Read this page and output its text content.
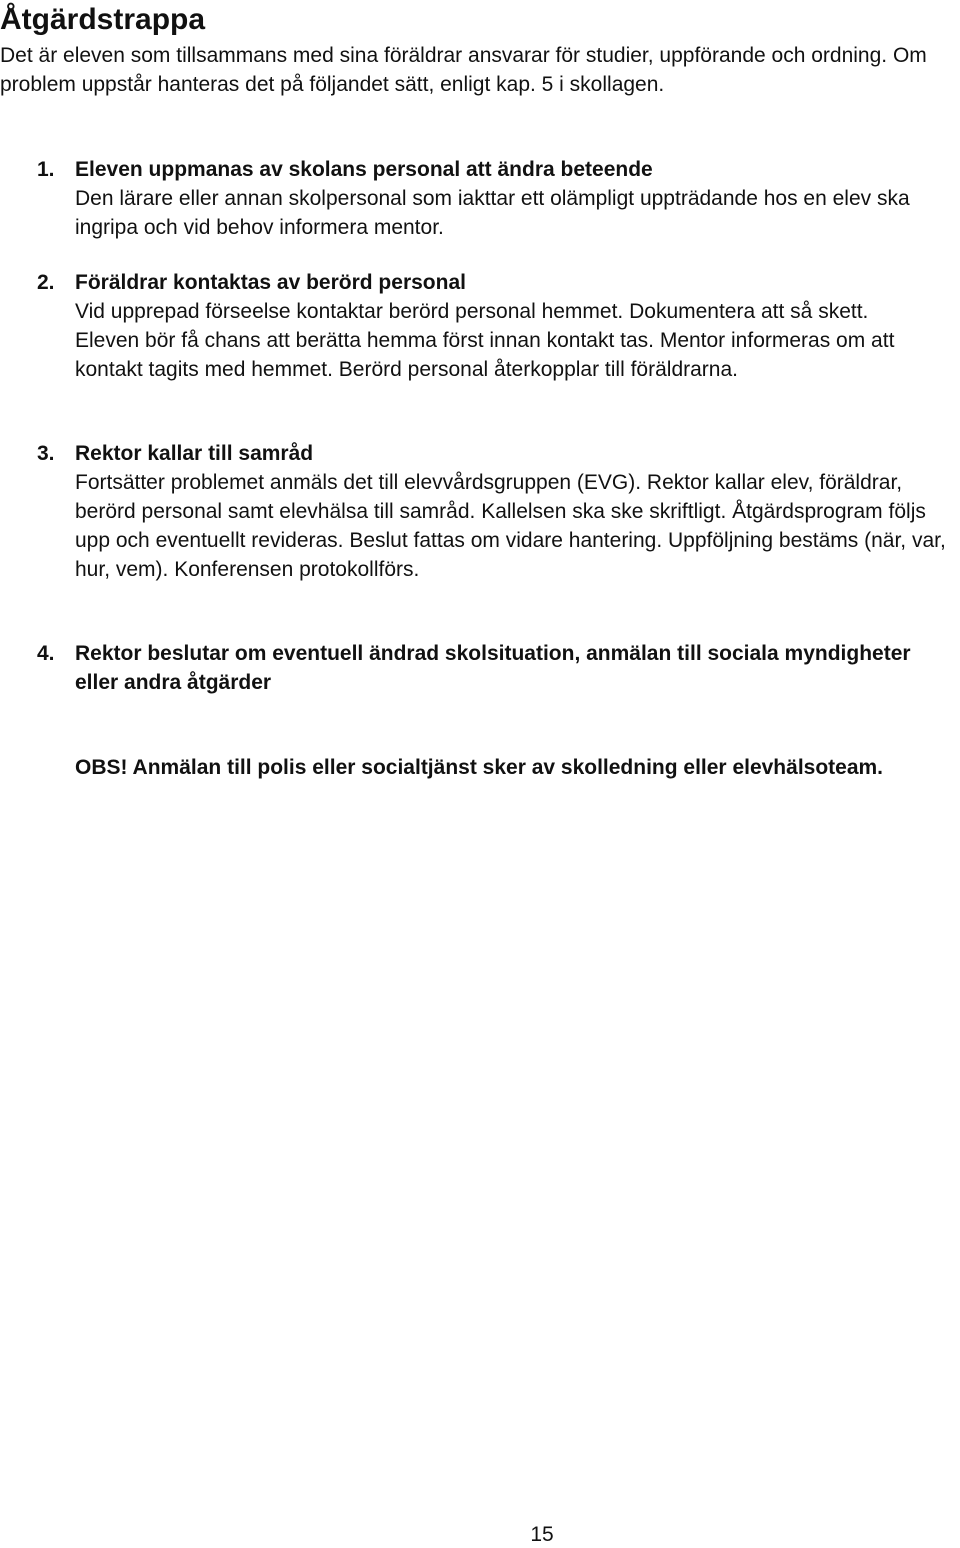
Åtgärdstrappa

Det är eleven som tillsammans med sina föräldrar ansvarar för studier, uppförande och ordning. Om problem uppstår hanteras det på följandet sätt, enligt kap. 5 i skollagen.

1. Eleven uppmanas av skolans personal att ändra beteende

Den lärare eller annan skolpersonal som iakttar ett olämpligt uppträdande hos en elev ska ingripa och vid behov informera mentor.

2. Föräldrar kontaktas av berörd personal

Vid upprepad förseelse kontaktar berörd personal hemmet. Dokumentera att så skett. Eleven bör få chans att berätta hemma först innan kontakt tas. Mentor informeras om att kontakt tagits med hemmet. Berörd personal återkopplar till föräldrarna.

3. Rektor kallar till samråd

Fortsätter problemet anmäls det till elevvårdsgruppen (EVG). Rektor kallar elev, föräldrar, berörd personal samt elevhälsa till samråd. Kallelsen ska ske skriftligt. Åtgärdsprogram följs upp och eventuellt revideras. Beslut fattas om vidare hantering. Uppföljning bestäms (när, var, hur, vem). Konferensen protokollförs.

4. Rektor beslutar om eventuell ändrad skolsituation, anmälan till sociala myndigheter eller andra åtgärder

OBS! Anmälan till polis eller socialtjänst sker av skolledning eller elevhälsoteam.

15
